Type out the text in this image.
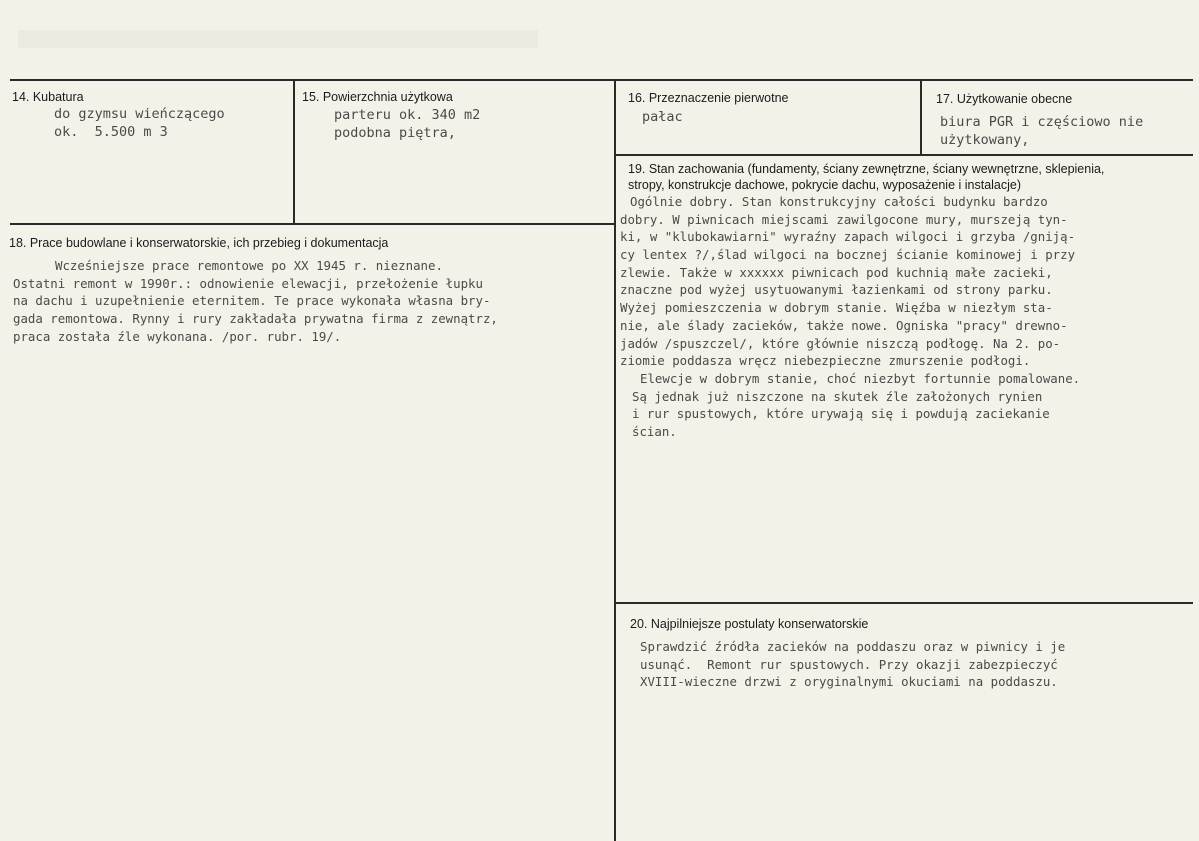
14. Kubatura
do gzymsu wieńczącego
ok.  5.500 m 3
15. Powierzchnia użytkowa
parteru ok. 340 m2
podobna piętra,
16. Przeznaczenie pierwotne
pałac
17. Użytkowanie obecne
biura PGR i częściowo nie
użytkowany,
19. Stan zachowania (fundamenty, ściany zewnętrzne, ściany wewnętrzne, sklepienia, stropy, konstrukcje dachowe, pokrycie dachu, wyposażenie i instalacje)
Ogólnie dobry. Stan konstrukcyjny całości budynku bardzo
dobry. W piwnicach miejscami zawilgocone mury, murszeją tyn-
ki, w "klubokawiarni" wyraźny zapach wilgoci i grzyba /gniją-
cy lentex ?/,ślad wilgoci na bocznej ścianie kominowej i przy
zlewie. Także w xxxxxx piwnicach pod kuchnią małe zacieki,
znaczne pod wyżej usytuowanymi łazienkami od strony parku.
Wyżej pomieszczenia w dobrym stanie. Więźba w niezłym sta-
nie, ale ślady zacieków, także nowe. Ogniska "pracy" drewno-
jadów /spuszczel/, które głównie niszczą podłogę. Na 2. po-
ziomie poddasza wręcz niebezpieczne zmurszenie podłogi.
Elewcje w dobrym stanie, choć niezbyt fortunnie pomalowane.
Są jednak już niszczone na skutek źle założonych rynien
i rur spustowych, które urywają się i powdują zaciekanie
ścian.
18. Prace budowlane i konserwatorskie, ich przebieg i dokumentacja
Wcześniejsze prace remontowe po XX 1945 r. nieznane.
Ostatni remont w 1990r.: odnowienie elewacji, przełożenie łupku
na dachu i uzupełnienie eternitem. Te prace wykonała własna bry-
gada remontowa. Rynny i rury zakładała prywatna firma z zewnątrz,
praca została źle wykonana. /por. rubr. 19/.
20. Najpilniejsze postulaty konserwatorskie
Sprawdzić źródła zacieków na poddaszu oraz w piwnicy i je
usunąć.  Remont rur spustowych. Przy okazji zabezpieczyć
XVIII-wieczne drzwi z oryginalnymi okuciami na poddaszu.
